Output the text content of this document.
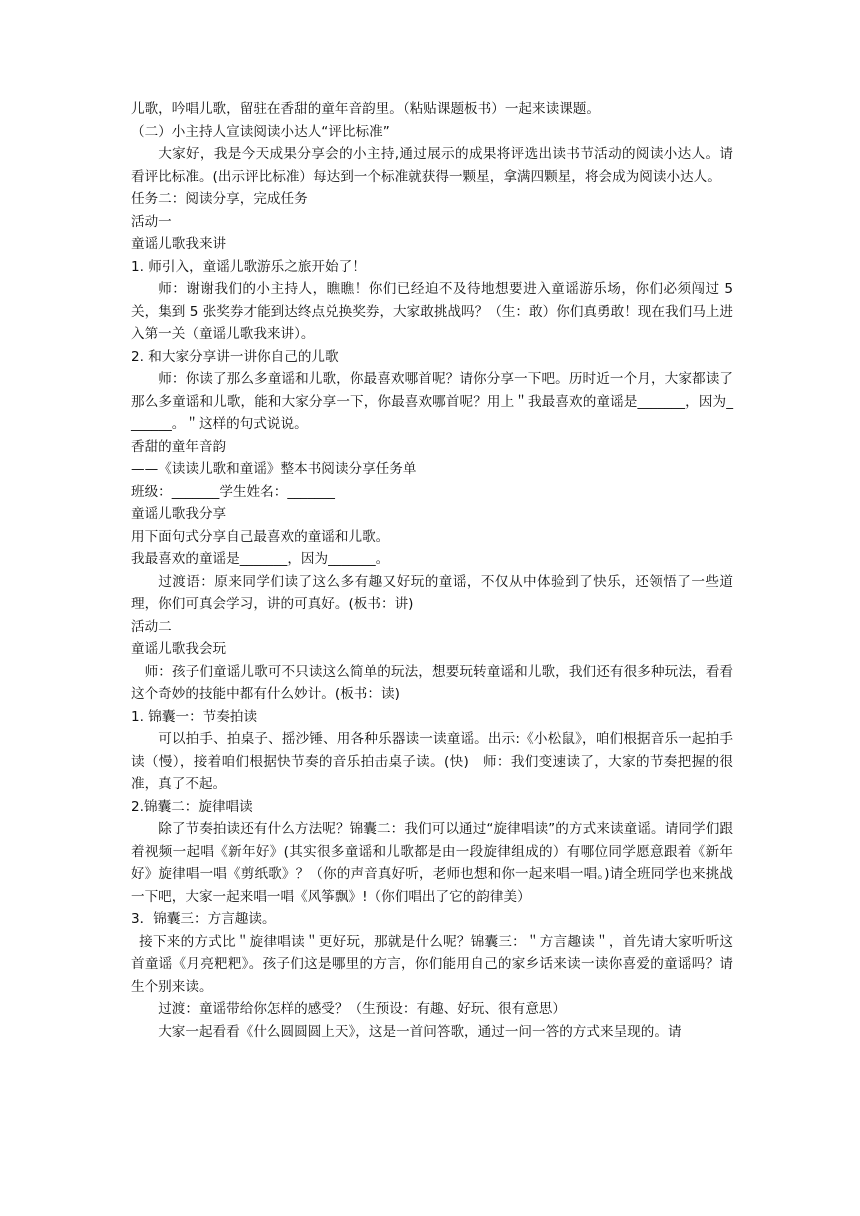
儿歌，吟唱儿歌，留驻在香甜的童年音韵里。（粘贴课题板书）一起来读课题。

（二）小主持人宣读阅读小达人“评比标准”

大家好，我是今天成果分享会的小主持,通过展示的成果将评选出读书节活动的阅读小达人。请看评比标准。(出示评比标准）每达到一个标准就获得一颗星，拿满四颗星，将会成为阅读小达人。

任务二：阅读分享，完成任务

活动一

童谣儿歌我来讲

1. 师引入，童谣儿歌游乐之旅开始了！

师：谢谢我们的小主持人，瞧瞧！你们已经迫不及待地想要进入童谣游乐场，你们必须闯过 5 关，集到 5 张奖券才能到达终点兑换奖券，大家敢挑战吗？（生：敢）你们真勇敢！现在我们马上进入第一关（童谣儿歌我来讲）。

2. 和大家分享讲一讲你自己的儿歌

师：你读了那么多童谣和儿歌，你最喜欢哪首呢？请你分享一下吧。历时近一个月，大家都读了那么多童谣和儿歌，能和大家分享一下，你最喜欢哪首呢？用上＂我最喜欢的童谣是_______，因为_______。＂这样的句式说说。

香甜的童年音韵

——《读读儿歌和童谣》整本书阅读分享任务单

班级：_______学生姓名：_______

童谣儿歌我分享

用下面句式分享自己最喜欢的童谣和儿歌。

我最喜欢的童谣是_______，因为_______。

过渡语：原来同学们读了这么多有趣又好玩的童谣，不仅从中体验到了快乐，还领悟了一些道理，你们可真会学习，讲的可真好。(板书：讲)

活动二

童谣儿歌我会玩

师：孩子们童谣儿歌可不只读这么简单的玩法，想要玩转童谣和儿歌，我们还有很多种玩法，看看这个奇妙的技能中都有什么妙计。(板书：读)

1. 锦囊一：节奏拍读

可以拍手、拍桌子、摇沙锤、用各种乐器读一读童谣。出示:《小松鼠》，咱们根据音乐一起拍手读（慢），接着咱们根据快节奏的音乐拍击桌子读。(快)　师：我们变速读了，大家的节奏把握的很准，真了不起。

2.锦囊二：旋律唱读

除了节奏拍读还有什么方法呢？锦囊二：我们可以通过“旋律唱读”的方式来读童谣。请同学们跟着视频一起唱《新年好》(其实很多童谣和儿歌都是由一段旋律组成的）有哪位同学愿意跟着《新年好》旋律唱一唱《剪纸歌》？（你的声音真好听，老师也想和你一起来唱一唱。)请全班同学也来挑战一下吧，大家一起来唱一唱《风筝飘》!（你们唱出了它的韵律美）

3．锦囊三：方言趣读。

接下来的方式比＂旋律唱读＂更好玩，那就是什么呢？锦囊三：＂方言趣读＂，首先请大家听听这首童谣《月亮粑粑》。孩子们这是哪里的方言，你们能用自己的家乡话来读一读你喜爱的童谣吗？请生个别来读。

过渡：童谣带给你怎样的感受？（生预设：有趣、好玩、很有意思）

大家一起看看《什么圆圆圆上天》，这是一首问答歌，通过一问一答的方式来呈现的。请
